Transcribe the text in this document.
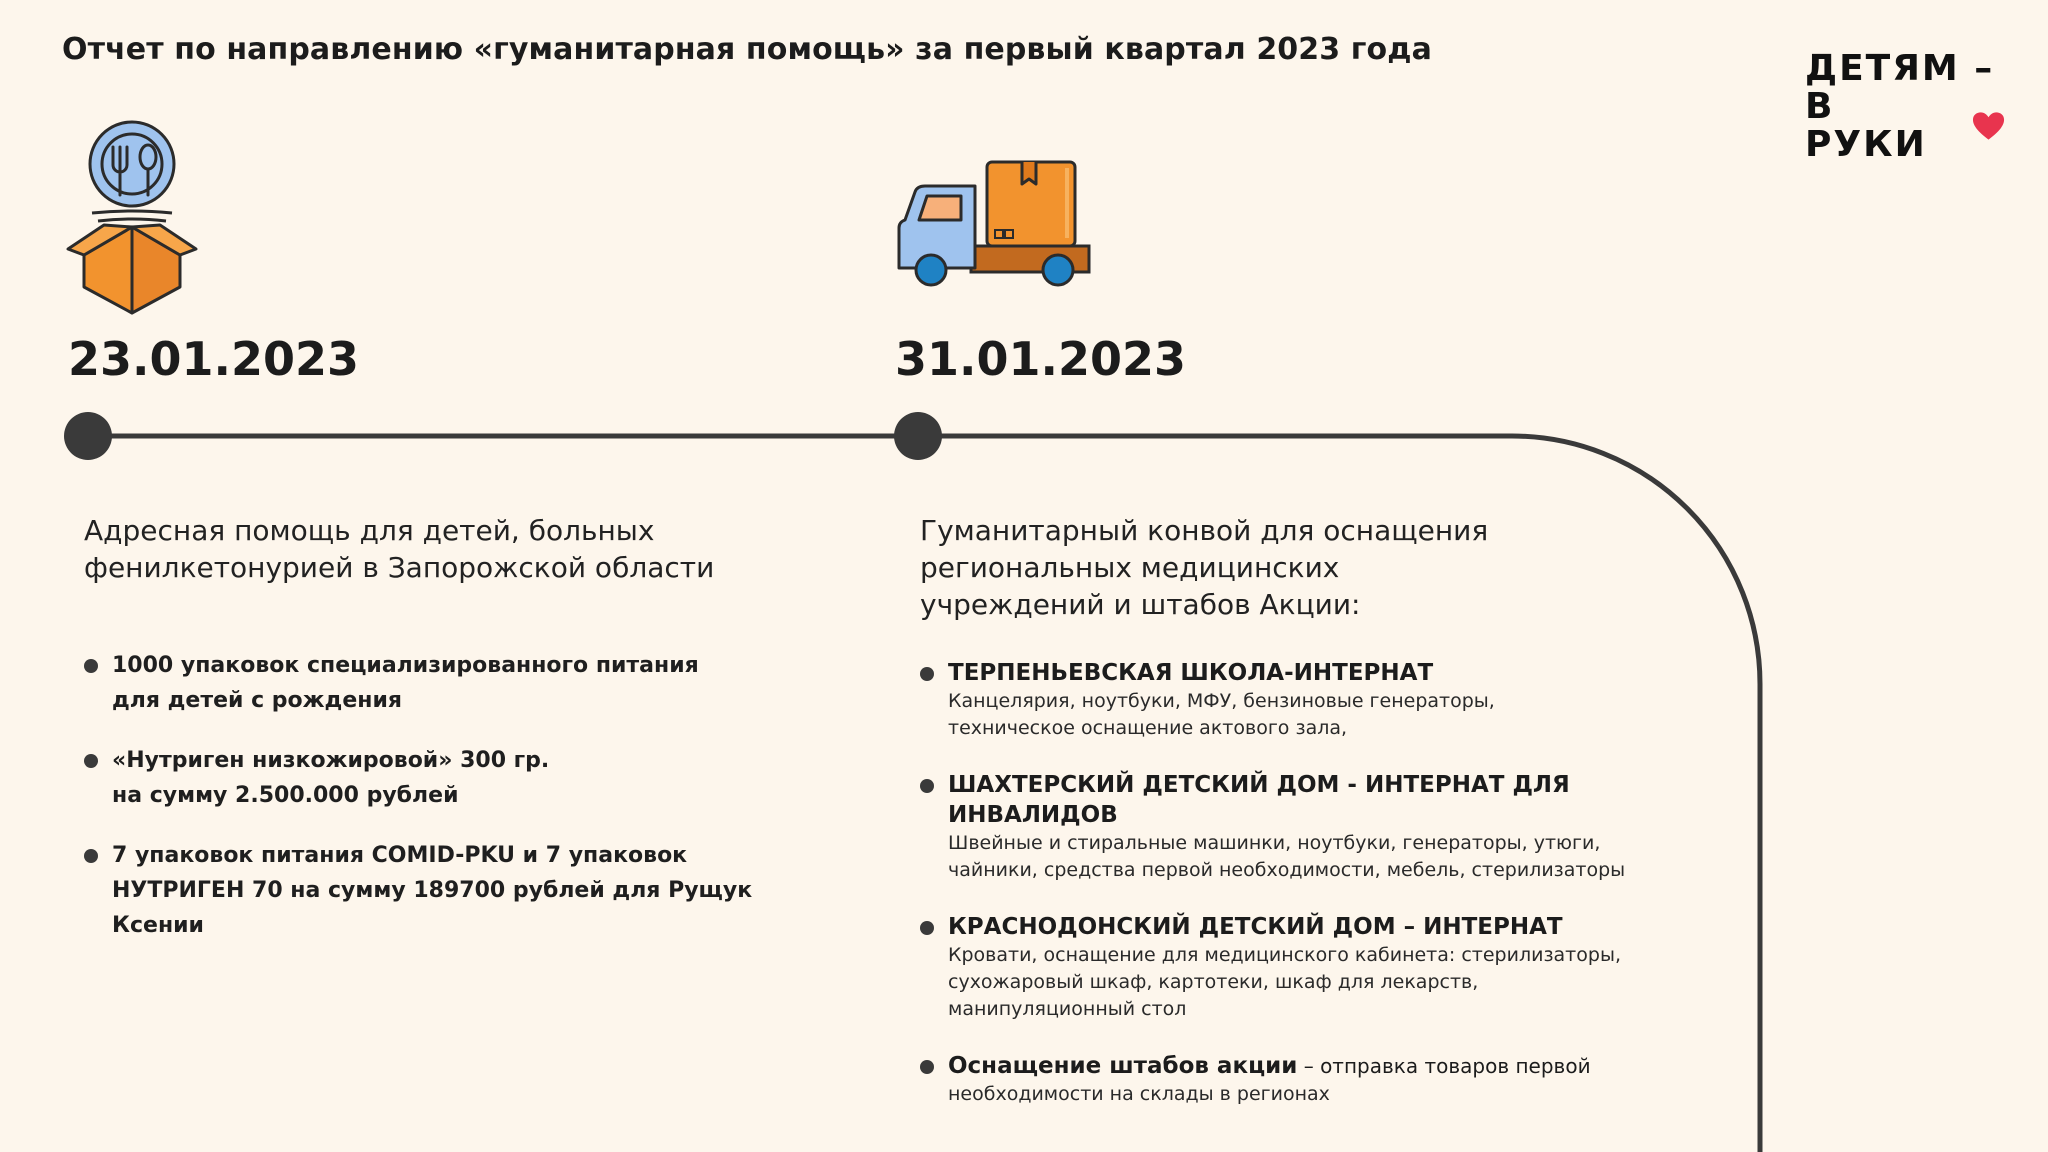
Отчет по направлению «гуманитарная помощь» за первый квартал 2023 года	ДЕТЯМ –
В РУКИ
23.01.2023	31.01.2023
Адресная помощь для детей, больных фенилкетонурией в Запорожской области
1000 упаковок специализированного питания
для детей с рождения
«Нутриген низкожировой» 300 гр.
на сумму 2.500.000 рублей
7 упаковок питания COMID-PKU и 7 упаковок
НУТРИГЕН 70 на сумму 189700 рублей для Рущук Ксении
Гуманитарный конвой для оснащения региональных медицинских учреждений и штабов Акции:
ТЕРПЕНЬЕВСКАЯ ШКОЛА-ИНТЕРНАТ
Канцелярия, ноутбуки, МФУ, бензиновые генераторы,
техническое оснащение актового зала,
ШАХТЕРСКИЙ ДЕТСКИЙ ДОМ - ИНТЕРНАТ ДЛЯ ИНВАЛИДОВ
Швейные и стиральные машинки, ноутбуки, генераторы, утюги,
чайники, средства первой необходимости, мебель, стерилизаторы
КРАСНОДОНСКИЙ ДЕТСКИЙ ДОМ – ИНТЕРНАТ
Кровати, оснащение для медицинского кабинета: стерилизаторы,
сухожаровый шкаф, картотеки, шкаф для лекарств,
манипуляционный стол
Оснащение штабов акции – отправка товаров первой
необходимости на склады в регионах
